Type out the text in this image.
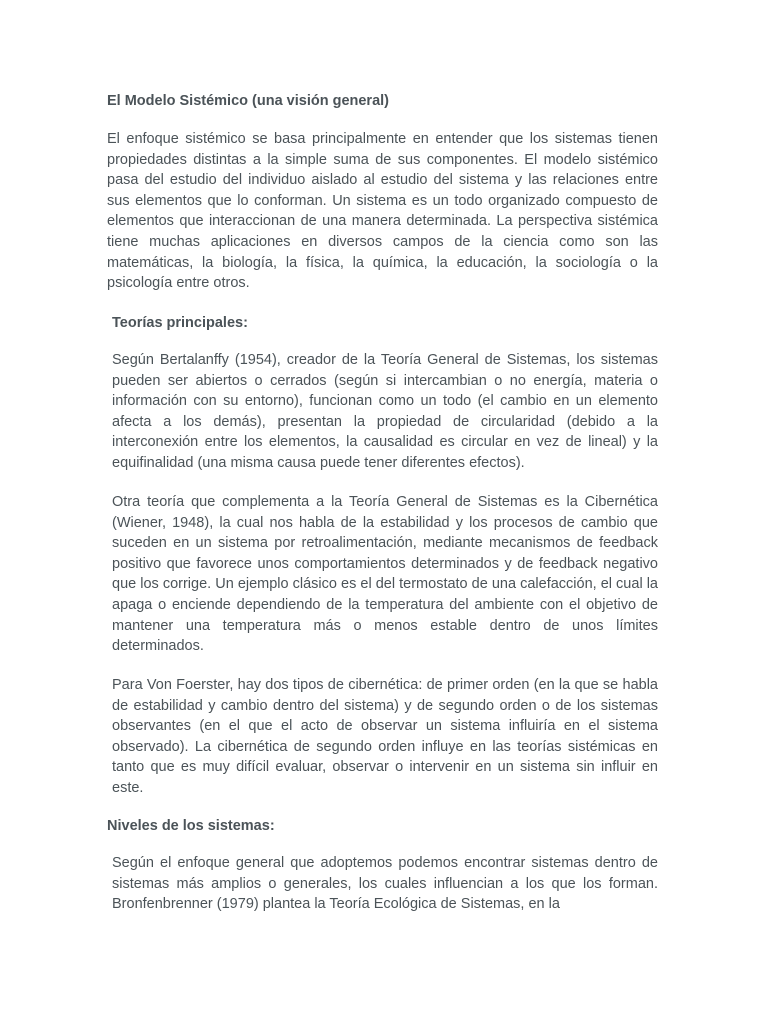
El Modelo Sistémico (una visión general)

El enfoque sistémico se basa principalmente en entender que los sistemas tienen propiedades distintas a la simple suma de sus componentes. El modelo sistémico pasa del estudio del individuo aislado al estudio del sistema y las relaciones entre sus elementos que lo conforman. Un sistema es un todo organizado compuesto de elementos que interaccionan de una manera determinada. La perspectiva sistémica tiene muchas aplicaciones en diversos campos de la ciencia como son las matemáticas, la biología, la física, la química, la educación, la sociología o la psicología entre otros.

Teorías principales:

Según Bertalanffy (1954), creador de la Teoría General de Sistemas, los sistemas pueden ser abiertos o cerrados (según si intercambian o no energía, materia o información con su entorno), funcionan como un todo (el cambio en un elemento afecta a los demás), presentan la propiedad de circularidad (debido a la interconexión entre los elementos, la causalidad es circular en vez de lineal) y la equifinalidad (una misma causa puede tener diferentes efectos).

Otra teoría que complementa a la Teoría General de Sistemas es la Cibernética (Wiener, 1948), la cual nos habla de la estabilidad y los procesos de cambio que suceden en un sistema por retroalimentación, mediante mecanismos de feedback positivo que favorece unos comportamientos determinados y de feedback negativo que los corrige. Un ejemplo clásico es el del termostato de una calefacción, el cual la apaga o enciende dependiendo de la temperatura del ambiente con el objetivo de mantener una temperatura más o menos estable dentro de unos límites determinados.

Para Von Foerster, hay dos tipos de cibernética: de primer orden (en la que se habla de estabilidad y cambio dentro del sistema) y de segundo orden o de los sistemas observantes (en el que el acto de observar un sistema influiría en el sistema observado). La cibernética de segundo orden influye en las teorías sistémicas en tanto que es muy difícil evaluar, observar o intervenir en un sistema sin influir en este.

Niveles de los sistemas:

Según el enfoque general que adoptemos podemos encontrar sistemas dentro de sistemas más amplios o generales, los cuales influencian a los que los forman. Bronfenbrenner (1979) plantea la Teoría Ecológica de Sistemas, en la
